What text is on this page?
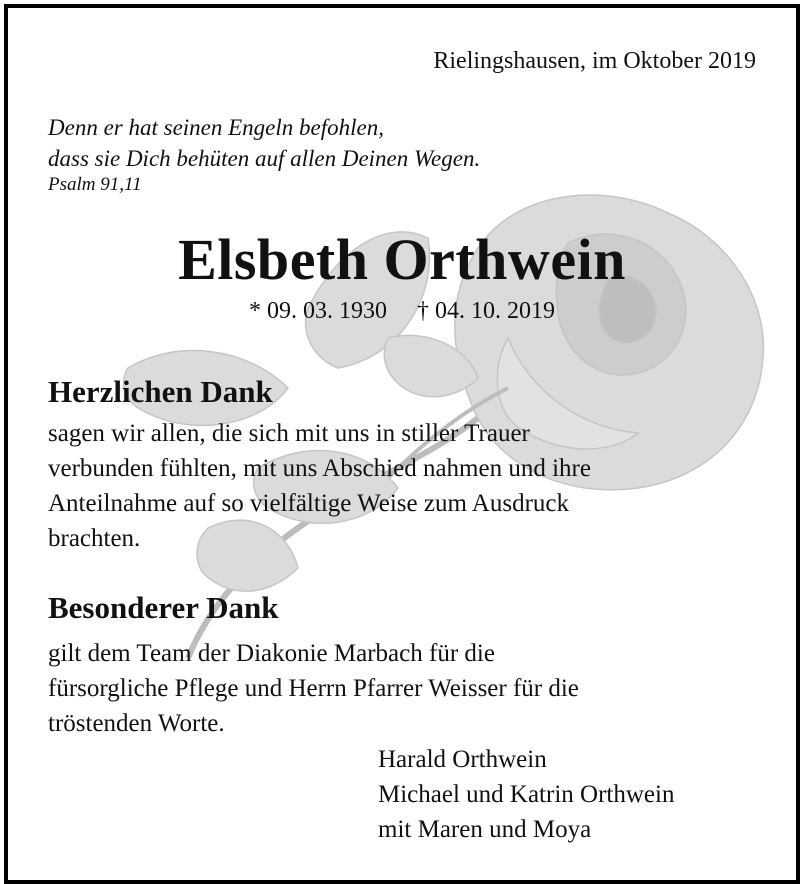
Rielingshausen, im Oktober 2019
Denn er hat seinen Engeln befohlen,
dass sie Dich behüten auf allen Deinen Wegen.
Psalm 91,11
Elsbeth Orthwein
* 09. 03. 1930 † 04. 10. 2019
Herzlichen Dank
sagen wir allen, die sich mit uns in stiller Trauer
verbunden fühlten, mit uns Abschied nahmen und ihre
Anteilnahme auf so vielfältige Weise zum Ausdruck
brachten.
Besonderer Dank
gilt dem Team der Diakonie Marbach für die
fürsorgliche Pflege und Herrn Pfarrer Weisser für die
tröstenden Worte.
Harald Orthwein
Michael und Katrin Orthwein
mit Maren und Moya
